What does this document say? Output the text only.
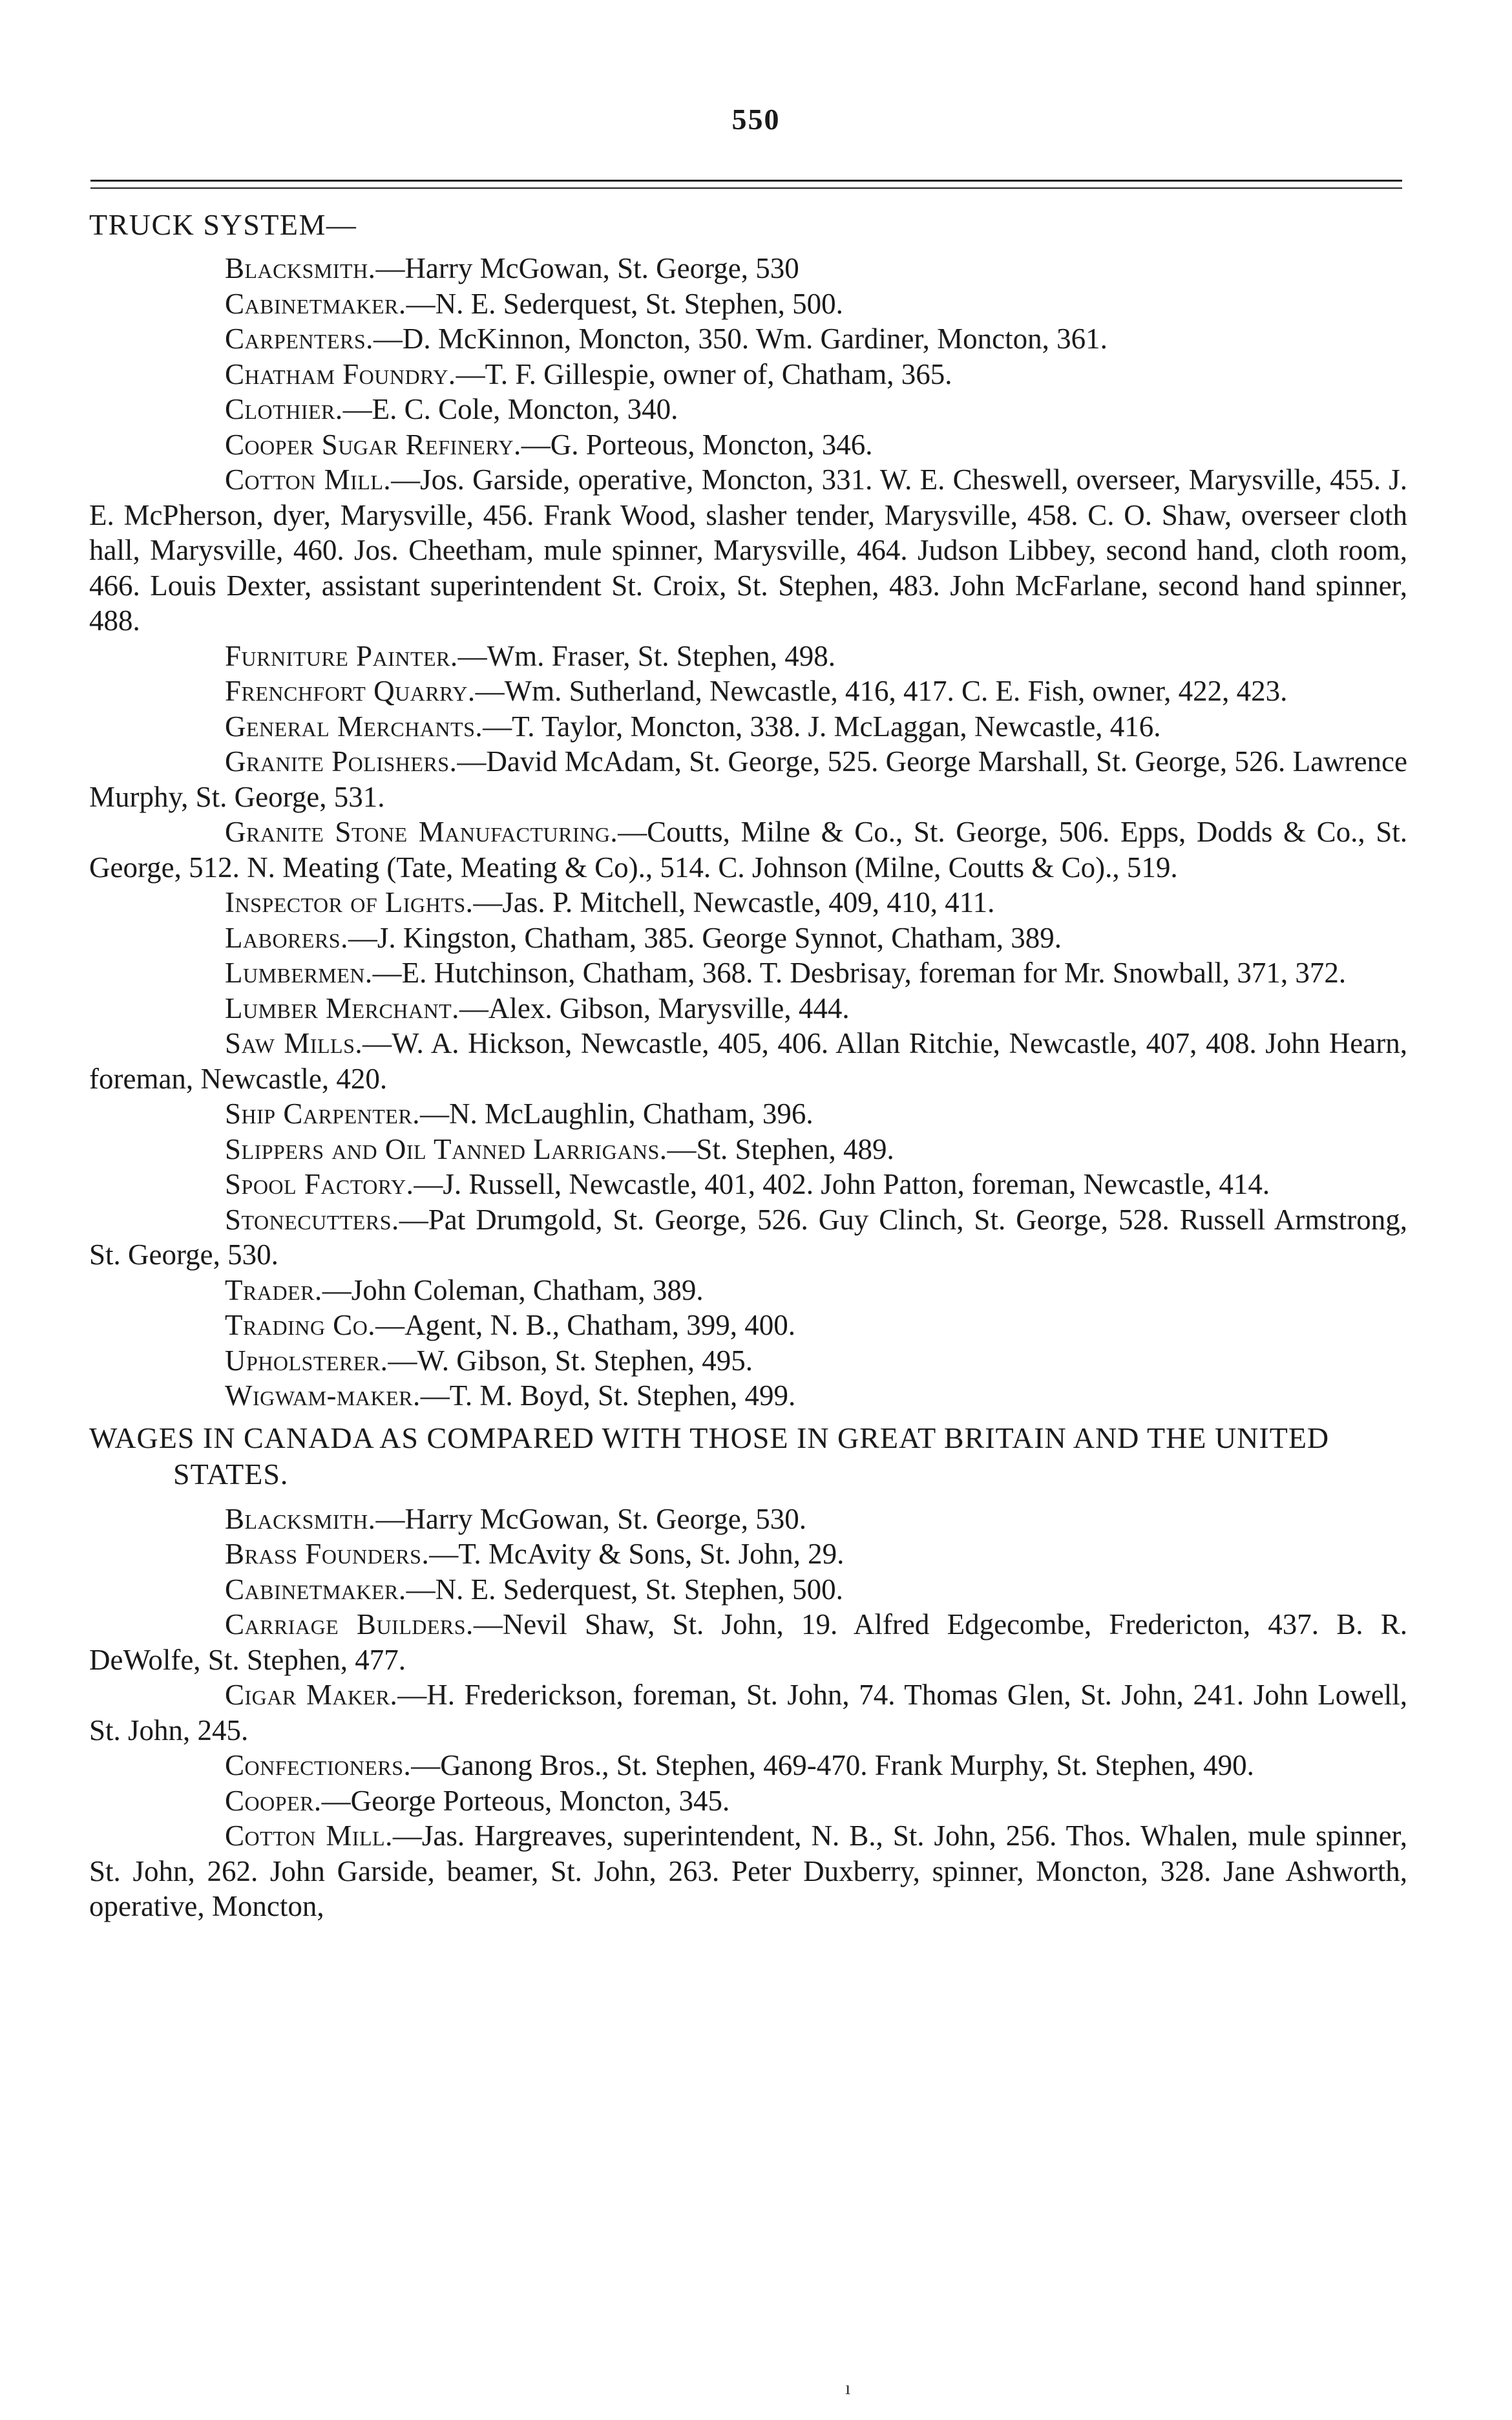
550
TRUCK SYSTEM—

Blacksmith.—Harry McGowan, St. George, 530

Cabinetmaker.—N. E. Sederquest, St. Stephen, 500.

Carpenters.—D. McKinnon, Moncton, 350. Wm. Gardiner, Moncton, 361.

Chatham Foundry.—T. F. Gillespie, owner of, Chatham, 365.

Clothier.—E. C. Cole, Moncton, 340.

Cooper Sugar Refinery.—G. Porteous, Moncton, 346.

Cotton Mill.—Jos. Garside, operative, Moncton, 331. W. E. Cheswell, overseer, Marysville, 455. J. E. McPherson, dyer, Marysville, 456. Frank Wood, slasher tender, Marysville, 458. C. O. Shaw, overseer cloth hall, Marysville, 460. Jos. Cheetham, mule spinner, Marysville, 464. Judson Libbey, second hand, cloth room, 466. Louis Dexter, assistant superintendent St. Croix, St. Stephen, 483. John McFarlane, second hand spinner, 488.

Furniture Painter.—Wm. Fraser, St. Stephen, 498.

Frenchfort Quarry.—Wm. Sutherland, Newcastle, 416, 417. C. E. Fish, owner, 422, 423.

General Merchants.—T. Taylor, Moncton, 338. J. McLaggan, Newcastle, 416.

Granite Polishers.—David McAdam, St. George, 525. George Marshall, St. George, 526. Lawrence Murphy, St. George, 531.

Granite Stone Manufacturing.—Coutts, Milne & Co., St. George, 506. Epps, Dodds & Co., St. George, 512. N. Meating (Tate, Meating & Co)., 514. C. Johnson (Milne, Coutts & Co)., 519.

Inspector of Lights.—Jas. P. Mitchell, Newcastle, 409, 410, 411.

Laborers.—J. Kingston, Chatham, 385. George Synnot, Chatham, 389.

Lumbermen.—E. Hutchinson, Chatham, 368. T. Desbrisay, foreman for Mr. Snowball, 371, 372.

Lumber Merchant.—Alex. Gibson, Marysville, 444.

Saw Mills.—W. A. Hickson, Newcastle, 405, 406. Allan Ritchie, Newcastle, 407, 408. John Hearn, foreman, Newcastle, 420.

Ship Carpenter.—N. McLaughlin, Chatham, 396.

Slippers and Oil Tanned Larrigans.—St. Stephen, 489.

Spool Factory.—J. Russell, Newcastle, 401, 402. John Patton, foreman, Newcastle, 414.

Stonecutters.—Pat Drumgold, St. George, 526. Guy Clinch, St. George, 528. Russell Armstrong, St. George, 530.

Trader.—John Coleman, Chatham, 389.

Trading Co.—Agent, N. B., Chatham, 399, 400.

Upholsterer.—W. Gibson, St. Stephen, 495.

Wigwam-maker.—T. M. Boyd, St. Stephen, 499.

WAGES IN CANADA AS COMPARED WITH THOSE IN GREAT BRITAIN AND THE UNITED STATES.

Blacksmith.—Harry McGowan, St. George, 530.

Brass Founders.—T. McAvity & Sons, St. John, 29.

Cabinetmaker.—N. E. Sederquest, St. Stephen, 500.

Carriage Builders.—Nevil Shaw, St. John, 19. Alfred Edgecombe, Fredericton, 437. B. R. DeWolfe, St. Stephen, 477.

Cigar Maker.—H. Frederickson, foreman, St. John, 74. Thomas Glen, St. John, 241. John Lowell, St. John, 245.

Confectioners.—Ganong Bros., St. Stephen, 469-470. Frank Murphy, St. Stephen, 490.

Cooper.—George Porteous, Moncton, 345.

Cotton Mill.—Jas. Hargreaves, superintendent, N. B., St. John, 256. Thos. Whalen, mule spinner, St. John, 262. John Garside, beamer, St. John, 263. Peter Duxberry, spinner, Moncton, 328. Jane Ashworth, operative, Moncton,

ı
